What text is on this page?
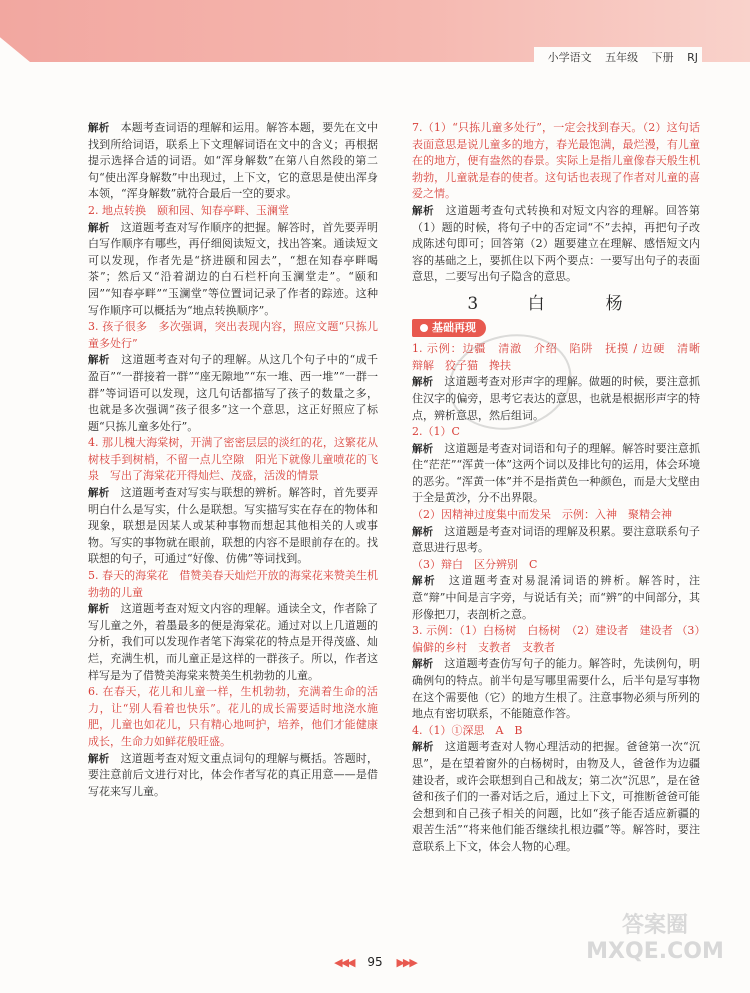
小学语文 五年级 下册 RJ
解析　 本题考查词语的理解和运用。解答本题，要先在文中找到所给词语，联系上下文理解词语在文中的含义；再根据提示选择合适的词语。如“浑身解数”在第八自然段的第二句“使出浑身解数”中出现过，上下文，它的意思是使出浑身本领，“浑身解数”就符合最后一空的要求。
2. 地点转换　颐和园、知春亭畔、玉澜堂
解析　 这道题考查对写作顺序的把握。解答时，首先要弄明白写作顺序有哪些，再仔细阅读短文，找出答案。通读短文可以发现，作者先是“挤进颐和园去”，“想在知春亭畔喝茶”；然后又“沿着湖边的白石栏杆向玉澜堂走”。“颐和园”“知春亭畔”“玉澜堂”等位置词记录了作者的踪迹。这种写作顺序可以概括为“地点转换顺序”。
3. 孩子很多　多次强调，突出表现内容，照应文题“只拣儿童多处行”
解析　 这道题考查对句子的理解。从这几个句子中的“成千盈百”“一群接着一群”“座无隙地”“东一堆、西一堆”“一群一群”等词语可以发现，这几句话都描写了孩子的数量之多，也就是多次强调“孩子很多”这一个意思，这正好照应了标题“只拣儿童多处行”。
4. 那儿槐大海棠树，开满了密密层层的淡红的花，这繁花从树枝手到树梢，不留一点儿空隙　阳光下就像儿童喷花的飞泉　写出了海棠花开得灿烂、茂盛，活泼的情景
解析　 这道题考查对写实与联想的辨析。解答时，首先要弄明白什么是写实，什么是联想。写实描写实在存在的物体和现象，联想是因某人或某种事物而想起其他相关的人或事物。写实的事物就在眼前，联想的内容不是眼前存在的。找联想的句子，可通过“好像、仿佛”等词找到。
5. 春天的海棠花　借赞美春天灿烂开放的海棠花来赞美生机勃勃的儿童
解析　 这道题考查对短文内容的理解。通读全文，作者除了写儿童之外，着墨最多的便是海棠花。通过对以上几道题的分析，我们可以发现作者笔下海棠花的特点是开得茂盛、灿烂，充满生机，而儿童正是这样的一群孩子。所以，作者这样写是为了借赞美海棠来赞美生机勃勃的儿童。
6. 在春天，花儿和儿童一样，生机勃勃，充满着生命的活力，让“别人看着也快乐”。花儿的成长需要适时地浇水施肥，儿童也如花儿，只有精心地呵护，培养，他们才能健康成长，生命力如鲜花般旺盛。
解析　 这道题考查对短文重点词句的理解与概括。答题时，要注意前后文进行对比，体会作者写花的真正用意——是借写花来写儿童。
7.（1）“只拣儿童多处行”，一定会找到春天。（2）这句话表面意思是说儿童多的地方，春光最饱满，最烂漫，有儿童在的地方，便有盎然的春景。实际上是指儿童像春天般生机勃勃，儿童就是春的使者。这句话也表现了作者对儿童的喜爱之情。
解析　 这道题考查句式转换和对短文内容的理解。回答第（1）题的时候，将句子中的否定词“不”去掉，再把句子改成陈述句即可；回答第（2）题要建立在理解、感悟短文内容的基础之上，要抓住以下两个要点：一要写出句子的表面意思，二要写出句子隐含的意思。
3 白　杨
基础再现
1. 示例：边疆　清澈　介绍　陷阱　抚摸 / 边硬　清晰　辩解　狡子猫　搀扶
解析　 这道题考查对形声字的理解。做题的时候，要注意抓住汉字的偏旁，思考它表达的意思，也就是根据形声字的特点，辨析意思，然后组词。
2.（1）C
解析　 这道题是考查对词语和句子的理解。解答时要注意抓住“茫茫”“浑黄一体”这两个词以及排比句的运用，体会环境的恶劣。“浑黄一体”并不是指黄色一种颜色，而是大戈壁由于全是黄沙，分不出界限。
（2）因精神过度集中而发呆　示例：入神　聚精会神
解析　 这道题是考查对词语的理解及积累。要注意联系句子意思进行思考。
（3）辩白　区分辨别　C
解析　 这道题考查对易混淆词语的辨析。解答时，注意“辩”中间是言字旁，与说话有关；而“辨”的中间部分，其形像把刀，表剖析之意。
3. 示例：（1）白杨树　白杨树　（2）建设者　建设者 （3）偏僻的乡村　支教者　支教者
解析　 这道题考查仿写句子的能力。解答时，先读例句，明确例句的特点。前半句是写哪里需要什么，后半句是写事物在这个需要他（它）的地方生根了。注意事物必须与所列的地点有密切联系，不能随意作答。
4.（1）①深思　A　B
解析　 这道题考查对人物心理活动的把握。爸爸第一次“沉思”，是在望着窗外的白杨树时，由物及人，爸爸作为边疆建设者，或许会联想到自己和战友；第二次“沉思”，是在爸爸和孩子们的一番对话之后，通过上下文，可推断爸爸可能会想到和自己孩子相关的问题，比如“孩子能否适应新疆的艰苦生活”“将来他们能否继续扎根边疆”等。解答时，要注意联系上下文，体会人物的心理。
◀◀◀ 95 ▶▶▶
答案圈 MXQE.COM
